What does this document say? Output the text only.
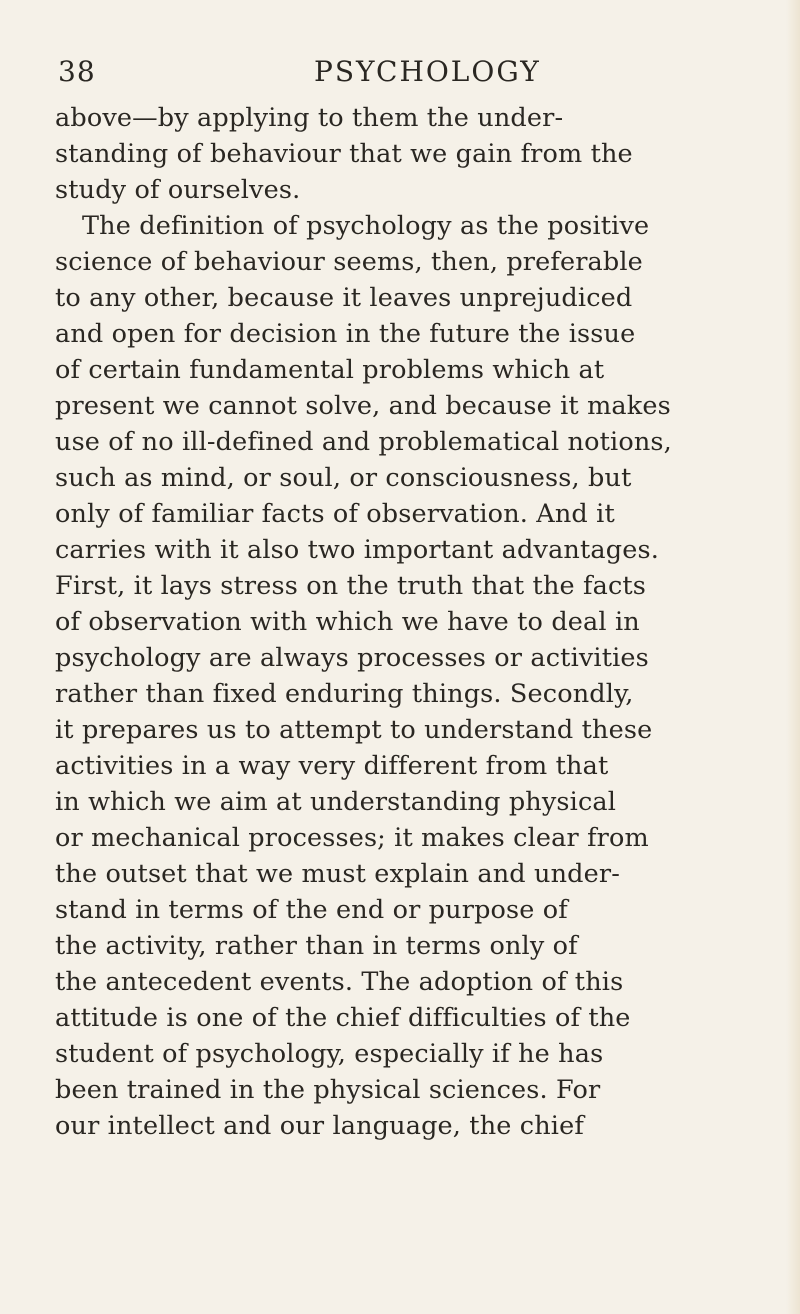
38	PSYCHOLOGY
above—by applying to them the under-
standing of behaviour that we gain from the
study of ourselves.
The definition of psychology as the positive
science of behaviour seems, then, preferable
to any other, because it leaves unprejudiced
and open for decision in the future the issue
of certain fundamental problems which at
present we cannot solve, and because it makes
use of no ill-defined and problematical notions,
such as mind, or soul, or consciousness, but
only of familiar facts of observation. And it
carries with it also two important advantages.
First, it lays stress on the truth that the facts
of observation with which we have to deal in
psychology are always processes or activities
rather than fixed enduring things. Secondly,
it prepares us to attempt to understand these
activities in a way very different from that
in which we aim at understanding physical
or mechanical processes; it makes clear from
the outset that we must explain and under-
stand in terms of the end or purpose of
the activity, rather than in terms only of
the antecedent events. The adoption of this
attitude is one of the chief difficulties of the
student of psychology, especially if he has
been trained in the physical sciences. For
our intellect and our language, the chief
